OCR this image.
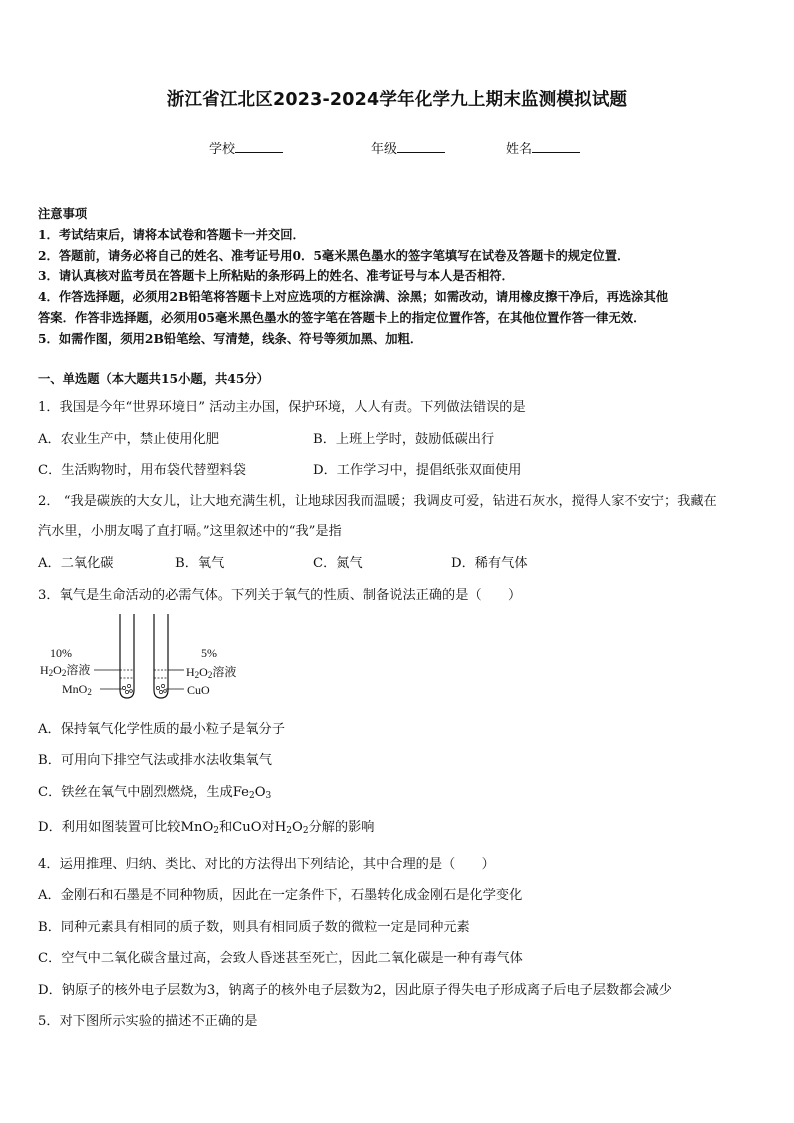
浙江省江北区2023-2024学年化学九上期末监测模拟试题
学校	年级	姓名
注意事项
1．考试结束后，请将本试卷和答题卡一并交回．
2．答题前，请务必将自己的姓名、准考证号用0．5毫米黑色墨水的签字笔填写在试卷及答题卡的规定位置．
3．请认真核对监考员在答题卡上所粘贴的条形码上的姓名、准考证号与本人是否相符．
4．作答选择题，必须用2B铅笔将答题卡上对应选项的方框涂满、涂黑；如需改动，请用橡皮擦干净后，再选涂其他
答案．作答非选择题，必须用05毫米黑色墨水的签字笔在答题卡上的指定位置作答，在其他位置作答一律无效．
5．如需作图，须用2B铅笔绘、写清楚，线条、符号等须加黑、加粗．
一、单选题（本大题共15小题，共45分）
1．我国是今年“世界环境日” 活动主办国，保护环境，人人有责。下列做法错误的是
A．农业生产中，禁止使用化肥	B．上班上学时，鼓励低碳出行
C．生活购物时，用布袋代替塑料袋	D．工作学习中，提倡纸张双面使用
2． “我是碳族的大女儿，让大地充满生机，让地球因我而温暖；我调皮可爱，钻进石灰水，搅得人家不安宁；我藏在
汽水里，小朋友喝了直打嗝。”这里叙述中的“我”是指
A．二氧化碳	B．氧气	C．氮气	D．稀有气体
3．氧气是生命活动的必需气体。下列关于氧气的性质、制备说法正确的是（　　）
10%
$H_2O_2$溶液
MnO$_2$
5%
$H_2O_2$溶液
CuO
A．保持氧气化学性质的最小粒子是氧分子
B．可用向下排空气法或排水法收集氧气
C．铁丝在氧气中剧烈燃烧，生成$Fe_2O_3$
D．利用如图装置可比较MnO$_2$和CuO对$H_2O_2$分解的影响
4．运用推理、归纳、类比、对比的方法得出下列结论，其中合理的是（　　）
A．金刚石和石墨是不同种物质，因此在一定条件下，石墨转化成金刚石是化学变化
B．同种元素具有相同的质子数，则具有相同质子数的微粒一定是同种元素
C．空气中二氧化碳含量过高，会致人昏迷甚至死亡，因此二氧化碳是一种有毒气体
D．钠原子的核外电子层数为3，钠离子的核外电子层数为2，因此原子得失电子形成离子后电子层数都会减少
5．对下图所示实验的描述不正确的是
